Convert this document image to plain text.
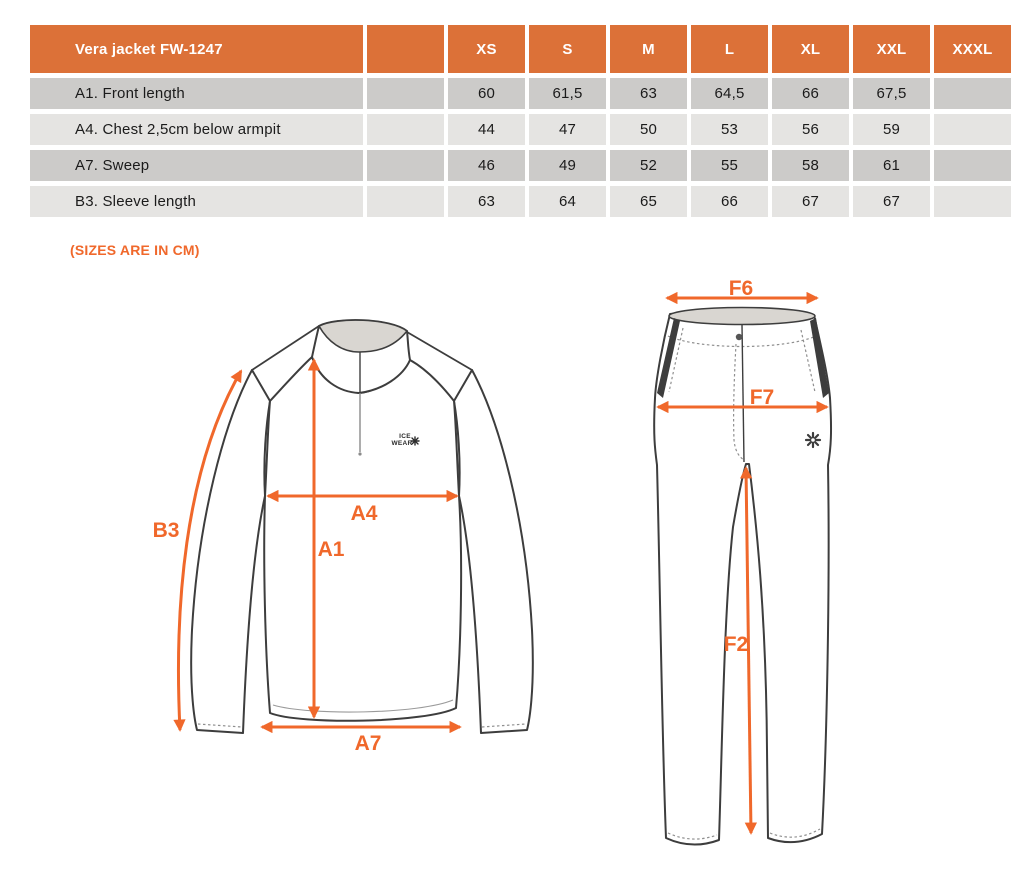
Vera jacket FW-1247	XS	S	M	L	XL	XXL	XXXL
A1. Front length	60	61,5	63	64,5	66	67,5
A4. Chest 2,5cm below armpit	44	47	50	53	56	59
A7. Sweep	46	49	52	55	58	61
B3. Sleeve length	63	64	65	66	67	67
(SIZES ARE IN CM)
ICE
WEAR
B3
A4
A1
A7
F6
F7
F2
